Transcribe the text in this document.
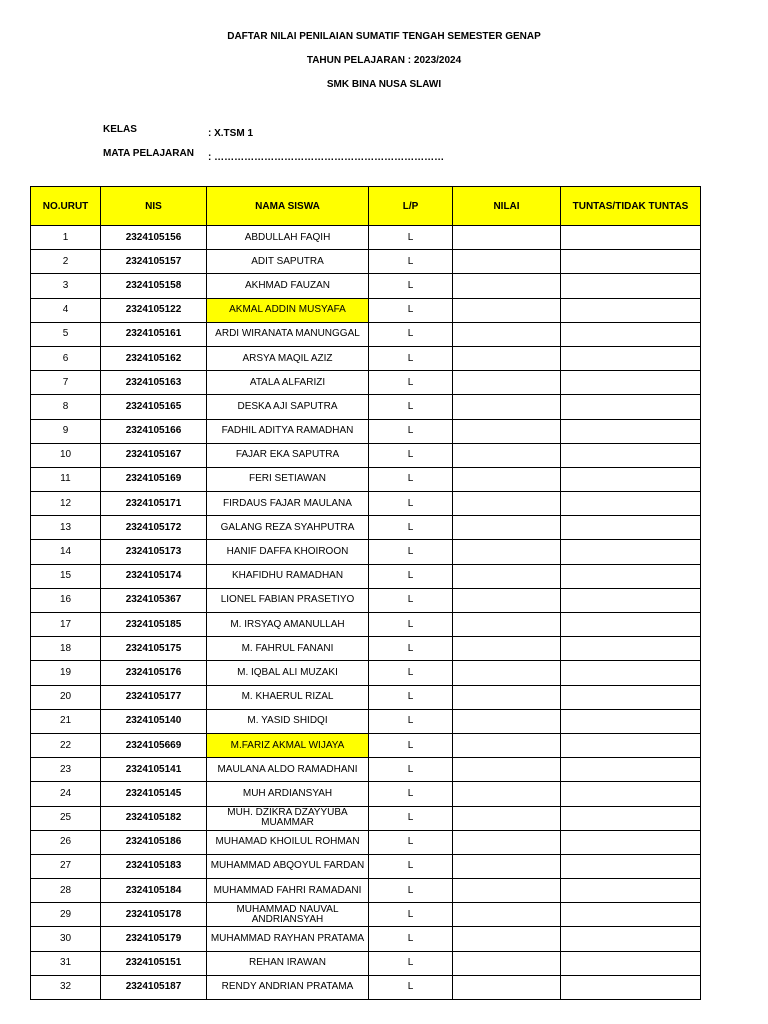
DAFTAR NILAI PENILAIAN SUMATIF TENGAH SEMESTER GENAP
TAHUN PELAJARAN : 2023/2024
SMK BINA NUSA SLAWI
KELAS	: X.TSM 1
MATA PELAJARAN : ……………………………………………………………
NO.URUT	NIS	NAMA SISWA	L/P	NILAI	TUNTAS/TIDAK TUNTAS
1	2324105156	ABDULLAH FAQIH	L		
2	2324105157	ADIT SAPUTRA	L		
3	2324105158	AKHMAD FAUZAN	L		
4	2324105122	AKMAL ADDIN MUSYAFA	L		
5	2324105161	ARDI WIRANATA MANUNGGAL	L		
6	2324105162	ARSYA MAQIL AZIZ	L		
7	2324105163	ATALA ALFARIZI	L		
8	2324105165	DESKA AJI SAPUTRA	L		
9	2324105166	FADHIL ADITYA RAMADHAN	L		
10	2324105167	FAJAR EKA SAPUTRA	L		
11	2324105169	FERI SETIAWAN	L		
12	2324105171	FIRDAUS FAJAR MAULANA	L		
13	2324105172	GALANG REZA SYAHPUTRA	L		
14	2324105173	HANIF DAFFA KHOIROON	L		
15	2324105174	KHAFIDHU RAMADHAN	L		
16	2324105367	LIONEL FABIAN PRASETIYO	L		
17	2324105185	M. IRSYAQ AMANULLAH	L		
18	2324105175	M. FAHRUL FANANI	L		
19	2324105176	M. IQBAL ALI MUZAKI	L		
20	2324105177	M. KHAERUL RIZAL	L		
21	2324105140	M. YASID SHIDQI	L		
22	2324105669	M.FARIZ AKMAL WIJAYA	L		
23	2324105141	MAULANA ALDO RAMADHANI	L		
24	2324105145	MUH ARDIANSYAH	L		
25	2324105182	MUH. DZIKRA DZAYYUBA MUAMMAR	L		
26	2324105186	MUHAMAD KHOILUL ROHMAN	L		
27	2324105183	MUHAMMAD ABQOYUL FARDAN	L		
28	2324105184	MUHAMMAD FAHRI RAMADANI	L		
29	2324105178	MUHAMMAD NAUVAL ANDRIANSYAH	L		
30	2324105179	MUHAMMAD RAYHAN PRATAMA	L		
31	2324105151	REHAN IRAWAN	L		
32	2324105187	RENDY ANDRIAN PRATAMA	L		
